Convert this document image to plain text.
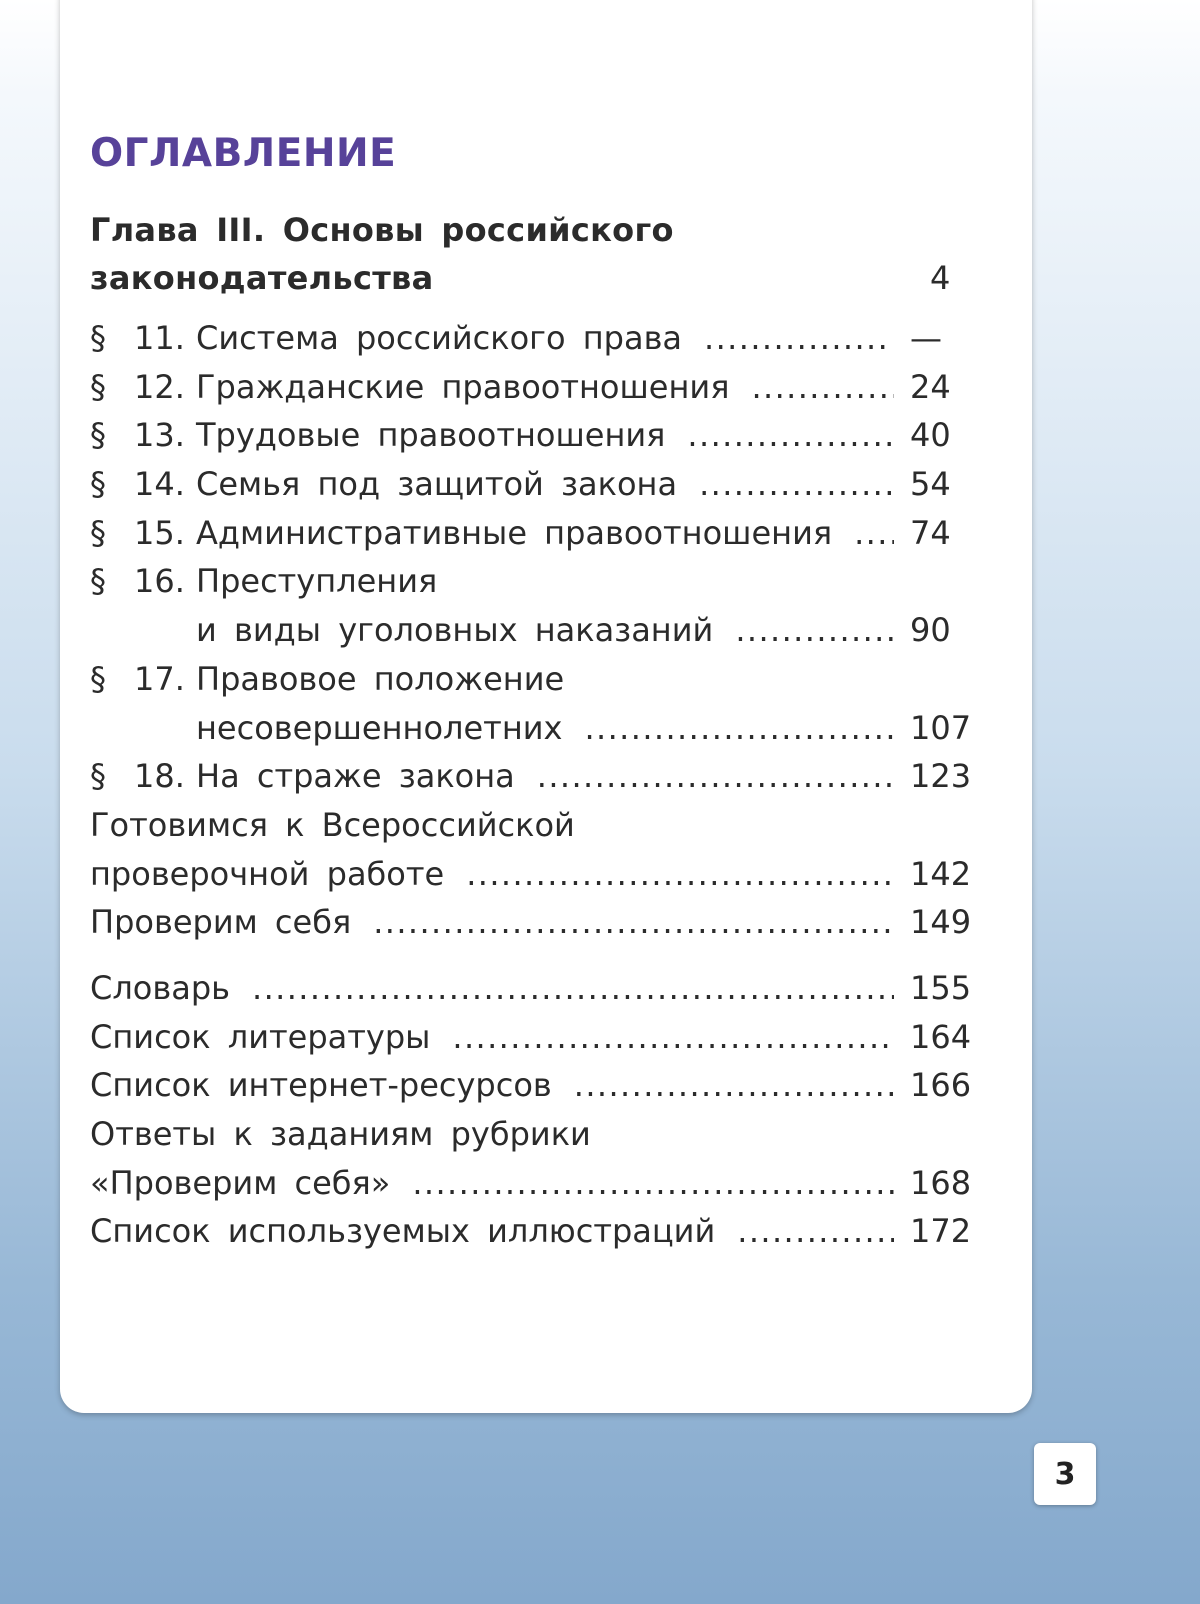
ОГЛАВЛЕНИЕ
Глава III. Основы российского
законодательства	4
§ 11. Система российского права .....	—
§ 12. Гражданские правоотношения .....	24
§ 13. Трудовые правоотношения .....	40
§ 14. Семья под защитой закона .....	54
§ 15. Административные правоотношения ..... 74
§ 16. Преступления
и виды уголовных наказаний .....	90
§ 17. Правовое положение
несовершеннолетних .....	107
§ 18. На страже закона .....	123
Готовимся к Всероссийской
проверочной работе .....	142
Проверим себя .....	149
Словарь .....	155
Список литературы .....	164
Список интернет-ресурсов .....	166
Ответы к заданиям рубрики
«Проверим себя» .....	168
Список используемых иллюстраций .....	172
3
